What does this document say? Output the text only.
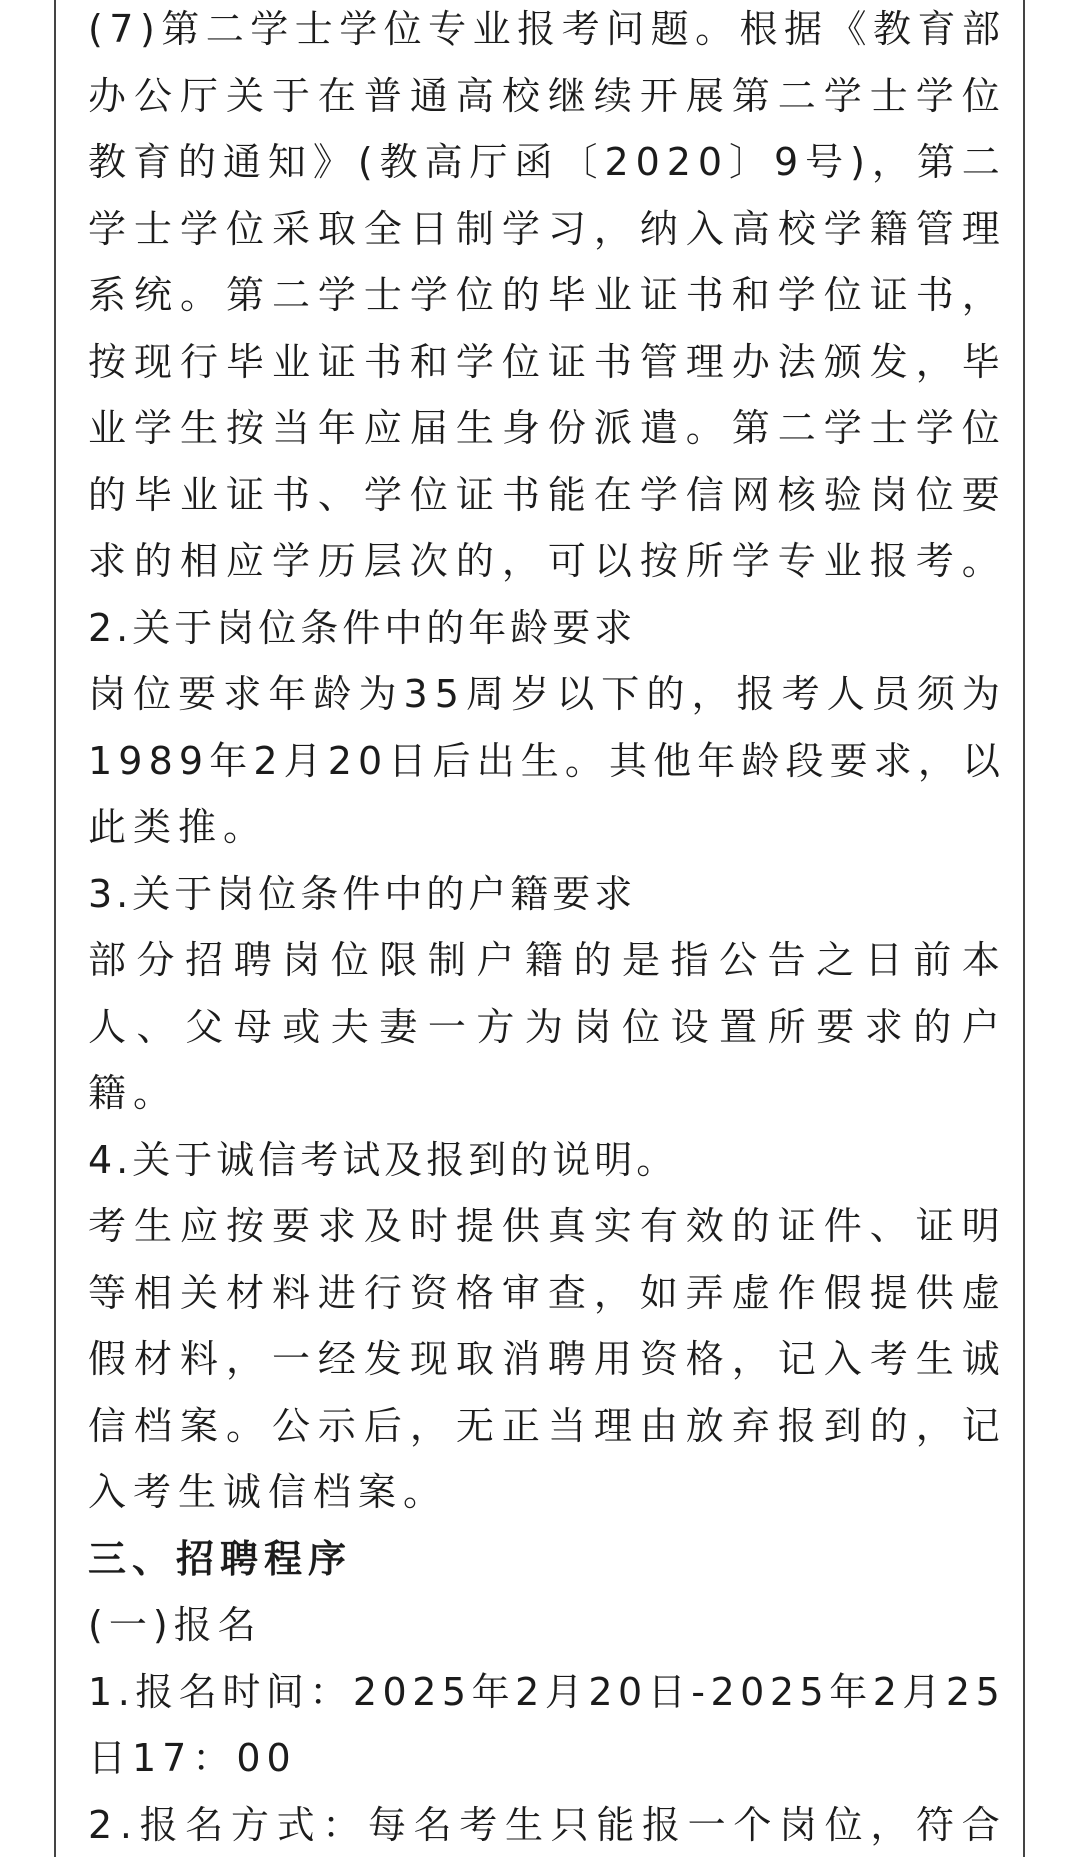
( 7 ) 第 二 学 士 学 位 专 业 报 考 问 题 。 根 据 《 教 育 部
办 公 厅 关 于 在 普 通 高 校 继 续 开 展 第 二 学 士 学 位
教 育 的 通 知 》 ( 教 高 厅 函 〔 2 0 2 0 〕 9 号 ) ， 第 二
学 士 学 位 采 取 全 日 制 学 习 ， 纳 入 高 校 学 籍 管 理
系 统 。 第 二 学 士 学 位 的 毕 业 证 书 和 学 位 证 书 ，
按 现 行 毕 业 证 书 和 学 位 证 书 管 理 办 法 颁 发 ， 毕
业 学 生 按 当 年 应 届 生 身 份 派 遣 。 第 二 学 士 学 位
的 毕 业 证 书 、 学 位 证 书 能 在 学 信 网 核 验 岗 位 要
求 的 相 应 学 历 层 次 的 ， 可 以 按 所 学 专 业 报 考 。
2.关于岗位条件中的年龄要求
岗 位 要 求 年 龄 为 3 5 周 岁 以 下 的 ， 报 考 人 员 须 为
1 9 8 9 年 2 月 2 0 日 后 出 生 。 其 他 年 龄 段 要 求 ， 以
此类推。
3.关于岗位条件中的户籍要求
部 分 招 聘 岗 位 限 制 户 籍 的 是 指 公 告 之 日 前 本
人 、 父 母 或 夫 妻 一 方 为 岗 位 设 置 所 要 求 的 户
籍。
4.关于诚信考试及报到的说明。
考 生 应 按 要 求 及 时 提 供 真 实 有 效 的 证 件 、 证 明
等 相 关 材 料 进 行 资 格 审 查 ， 如 弄 虚 作 假 提 供 虚
假 材 料 ， 一 经 发 现 取 消 聘 用 资 格 ， 记 入 考 生 诚
信 档 案 。 公 示 后 ， 无 正 当 理 由 放 弃 报 到 的 ， 记
入考生诚信档案。
三、招聘程序
(一)报名
1 . 报 名 时 间 ： 2 0 2 5 年 2 月 2 0 日 - 2 0 2 5 年 2 月 2 5
日17：00
2 . 报 名 方 式 ： 每 名 考 生 只 能 报 一 个 岗 位 ， 符 合
